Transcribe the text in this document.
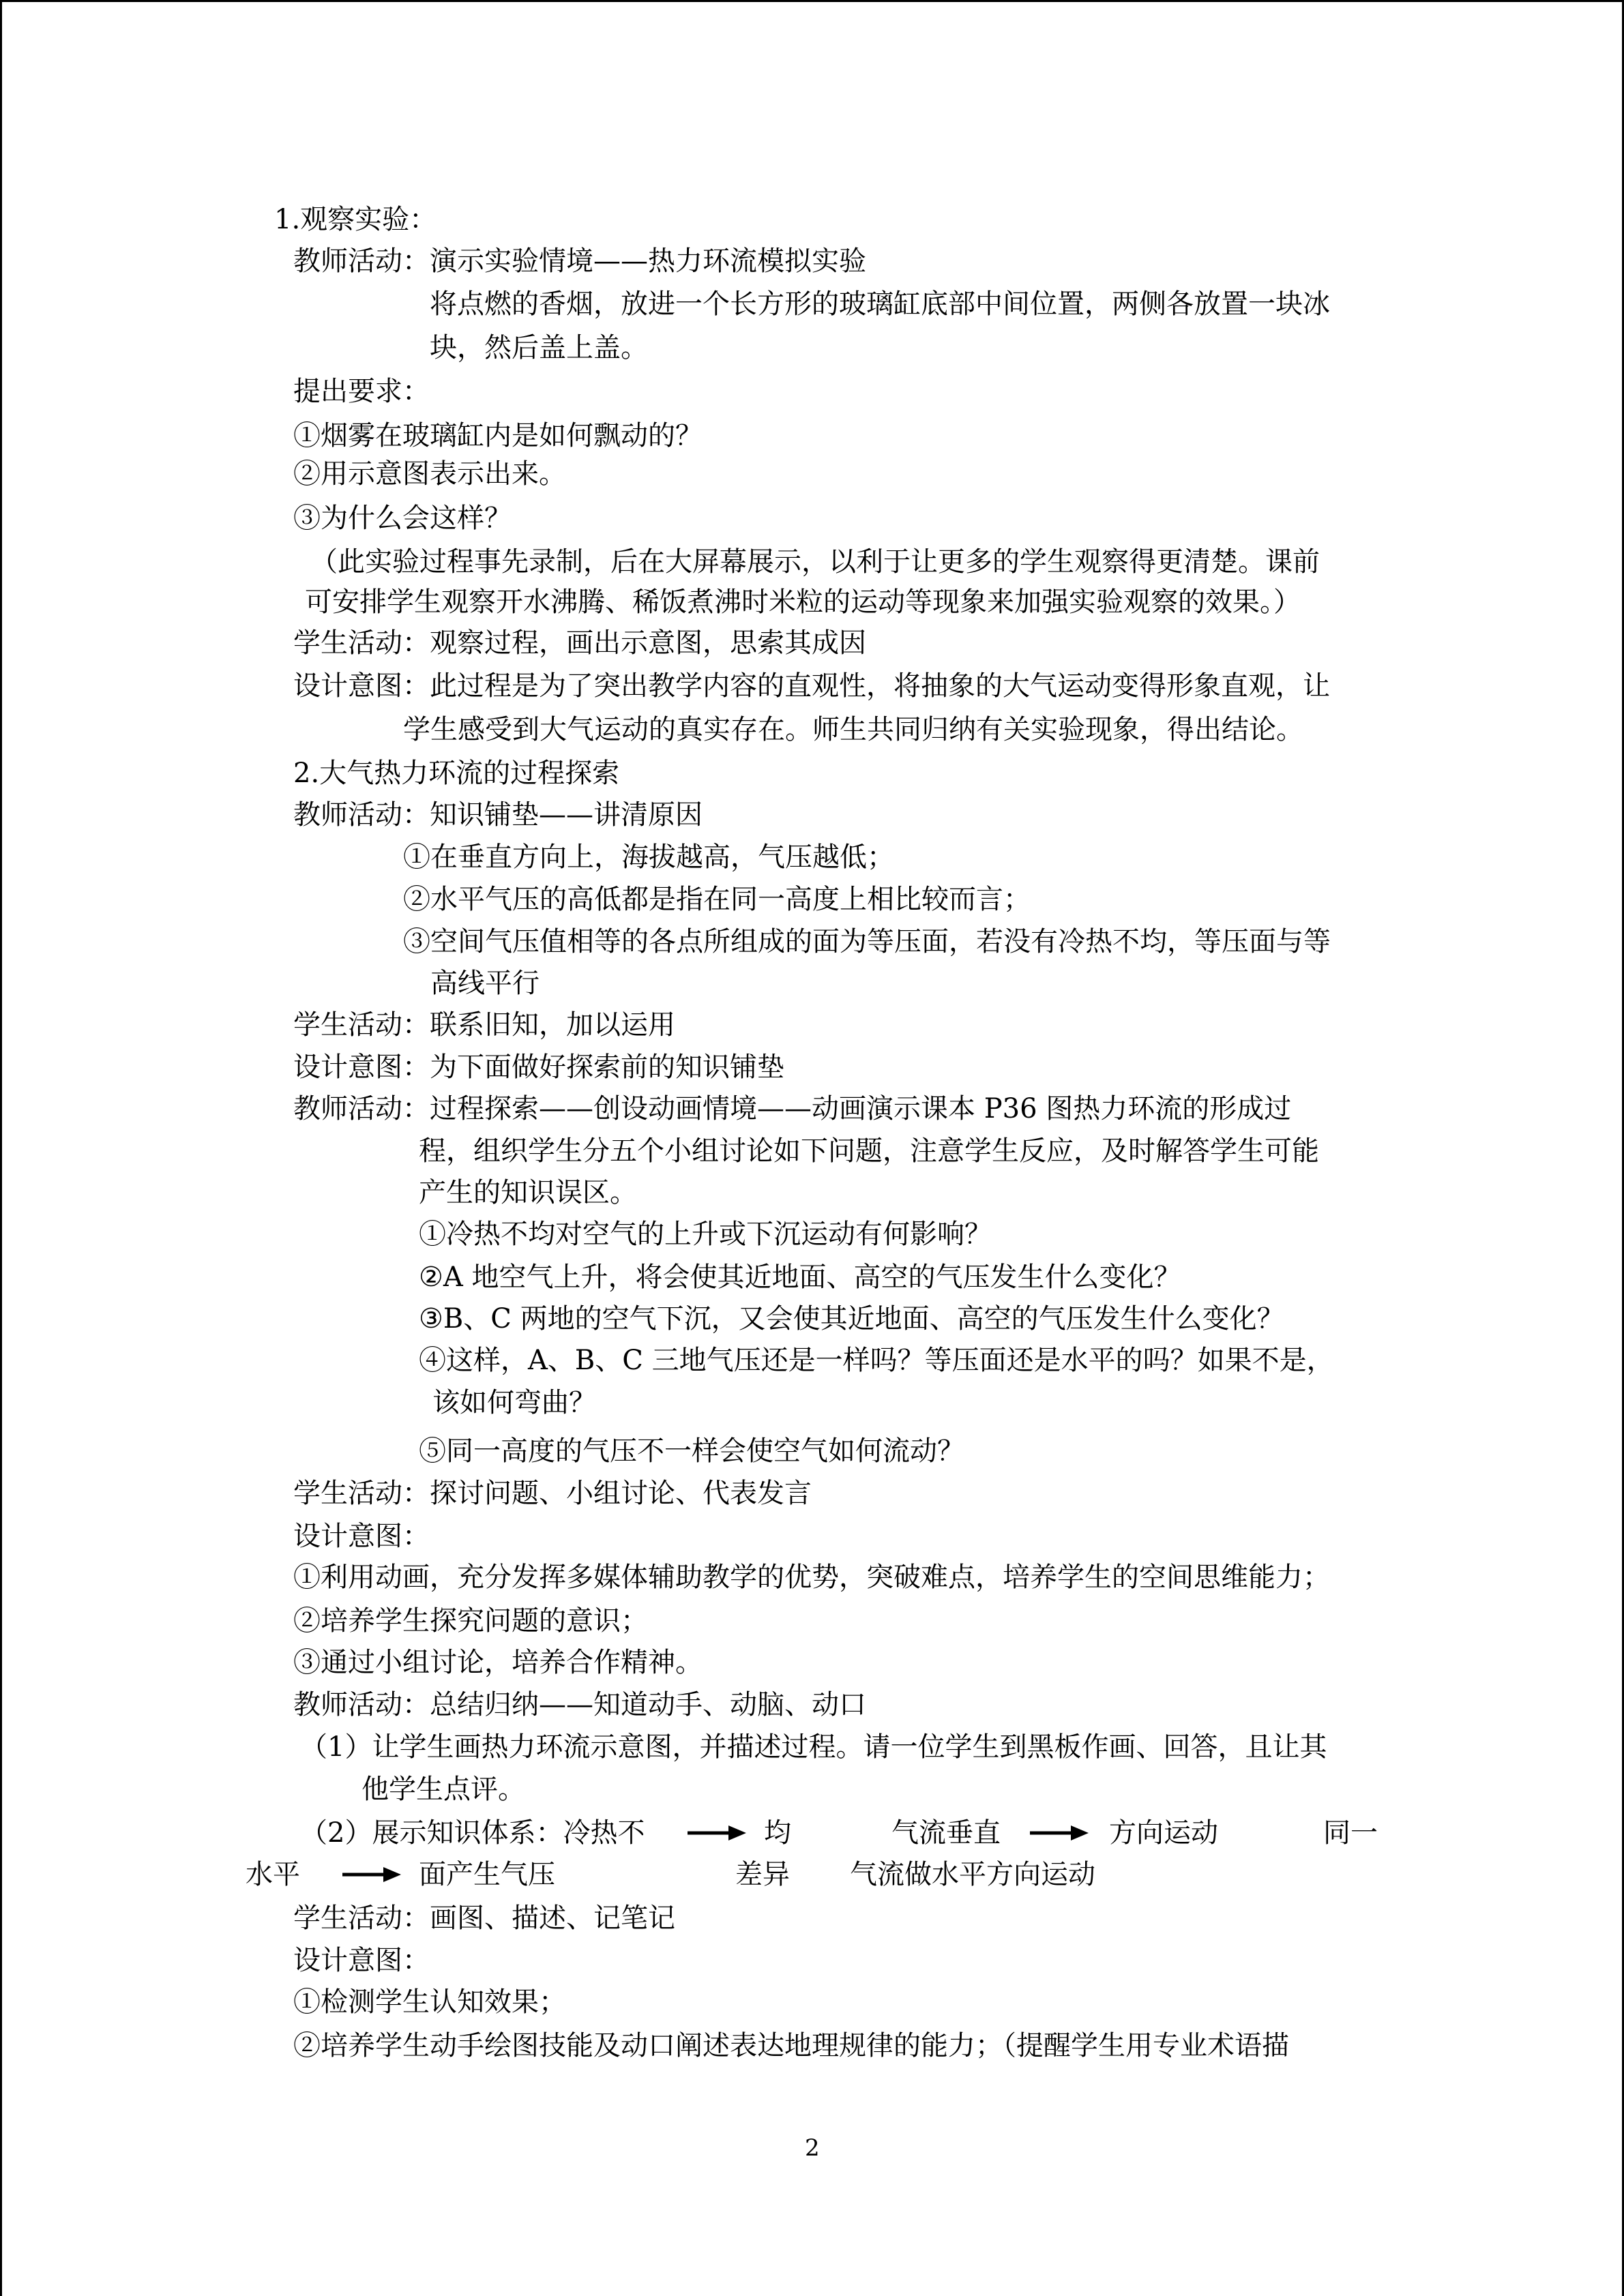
1.观察实验：
教师活动：演示实验情境——热力环流模拟实验
将点燃的香烟，放进一个长方形的玻璃缸底部中间位置，两侧各放置一块冰
块，然后盖上盖。
提出要求：
①烟雾在玻璃缸内是如何飘动的？
②用示意图表示出来。
③为什么会这样？
（此实验过程事先录制，后在大屏幕展示，以利于让更多的学生观察得更清楚。课前
可安排学生观察开水沸腾、稀饭煮沸时米粒的运动等现象来加强实验观察的效果。）
学生活动：观察过程，画出示意图，思索其成因
设计意图：此过程是为了突出教学内容的直观性，将抽象的大气运动变得形象直观，让
学生感受到大气运动的真实存在。师生共同归纳有关实验现象，得出结论。
2.大气热力环流的过程探索
教师活动：知识铺垫——讲清原因
①在垂直方向上，海拔越高，气压越低；
②水平气压的高低都是指在同一高度上相比较而言；
③空间气压值相等的各点所组成的面为等压面，若没有冷热不均，等压面与等
高线平行
学生活动：联系旧知，加以运用
设计意图：为下面做好探索前的知识铺垫
教师活动：过程探索——创设动画情境——动画演示课本 P36 图热力环流的形成过
程，组织学生分五个小组讨论如下问题，注意学生反应，及时解答学生可能
产生的知识误区。
①冷热不均对空气的上升或下沉运动有何影响？
②A 地空气上升，将会使其近地面、高空的气压发生什么变化？
③B、C 两地的空气下沉，又会使其近地面、高空的气压发生什么变化？
④这样，A、B、C 三地气压还是一样吗？等压面还是水平的吗？如果不是，
该如何弯曲？
⑤同一高度的气压不一样会使空气如何流动？
学生活动：探讨问题、小组讨论、代表发言
设计意图：
①利用动画，充分发挥多媒体辅助教学的优势，突破难点，培养学生的空间思维能力；
②培养学生探究问题的意识；
③通过小组讨论，培养合作精神。
教师活动：总结归纳——知道动手、动脑、动口
（1）让学生画热力环流示意图，并描述过程。请一位学生到黑板作画、回答，且让其
他学生点评。
（2）展示知识体系：冷热不	均	气流垂直	方向运动	同一
水平	面产生气压	差异 气流做水平方向运动
学生活动：画图、描述、记笔记
设计意图：
①检测学生认知效果；
②培养学生动手绘图技能及动口阐述表达地理规律的能力；（提醒学生用专业术语描
2
